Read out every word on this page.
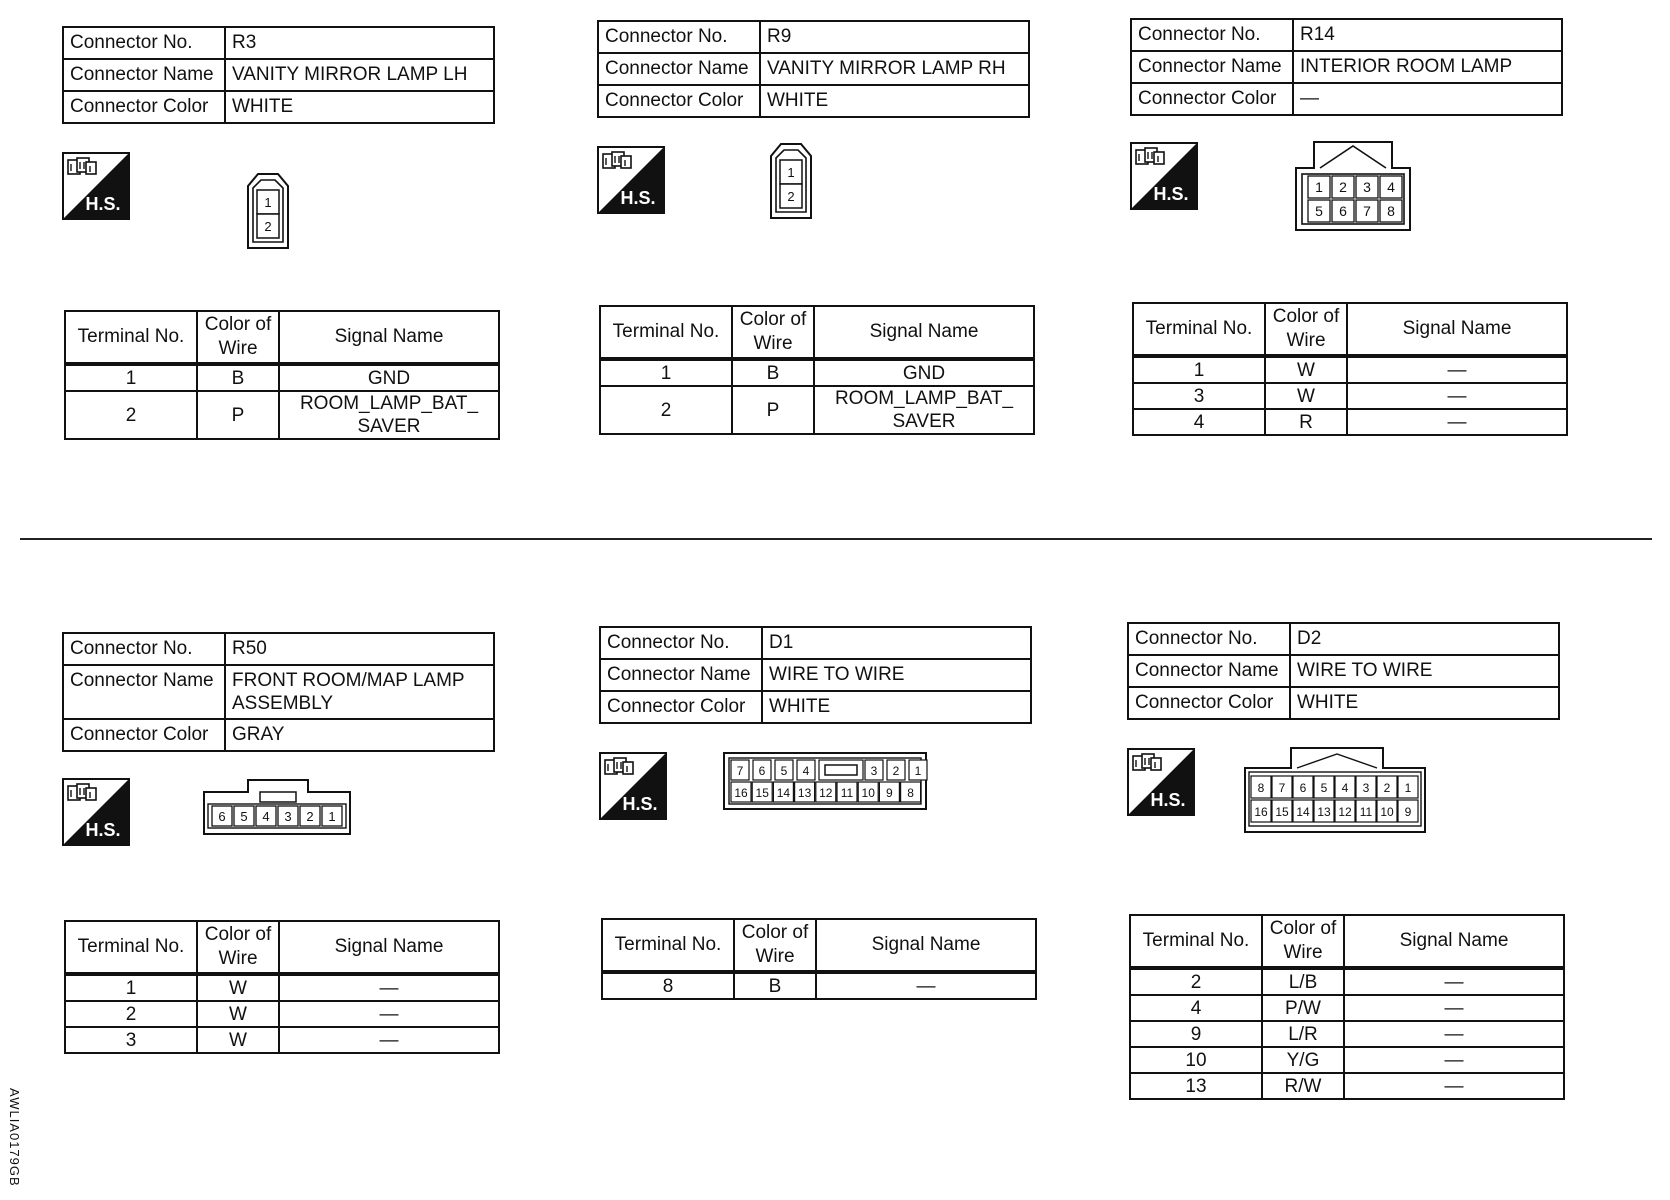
Connector No.	R3
Connector Name	VANITY MIRROR LAMP LH
Connector Color	WHITE
H.S.	1
2
Terminal No.	Color of Wire	Signal Name
1	B	GND
2	P	ROOM_LAMP_BAT_ SAVER
Connector No.	R9
Connector Name	VANITY MIRROR LAMP RH
Connector Color	WHITE
H.S.
1
2
Terminal No.	Color of Wire	Signal Name
1	B	GND
2	P	ROOM_LAMP_BAT_ SAVER
Connector No.	R14
Connector Name	INTERIOR ROOM LAMP
Connector Color	—
H.S.	1 2 3 4
5 6 7 8
Terminal No.	Color of Wire	Signal Name
1	W	—
3	W	—
4	R	—
Connector No.	R50
Connector Name	FRONT ROOM/MAP LAMP ASSEMBLY
Connector Color	GRAY
H.S.
6 5 4 3 2 1
Terminal No.	Color of Wire	Signal Name
1	W	—
2	W	—
3	W	—
Connector No.	D1
Connector Name	WIRE TO WIRE
Connector Color	WHITE
H.S.
7 6 5 4	3 2 1
16 15 14 13 12 11 10 9 8
Terminal No.	Color of Wire	Signal Name
8	B	—
Connector No.	D2
Connector Name	WIRE TO WIRE
Connector Color	WHITE
H.S.
8 7 6 5 4 3 2 1
16 15 14 13 12 11 10 9
Terminal No.	Color of Wire	Signal Name
2	L/B	—
4	P/W	—
9	L/R	—
10	Y/G	—
13	R/W	—
AWLIA0179GB
